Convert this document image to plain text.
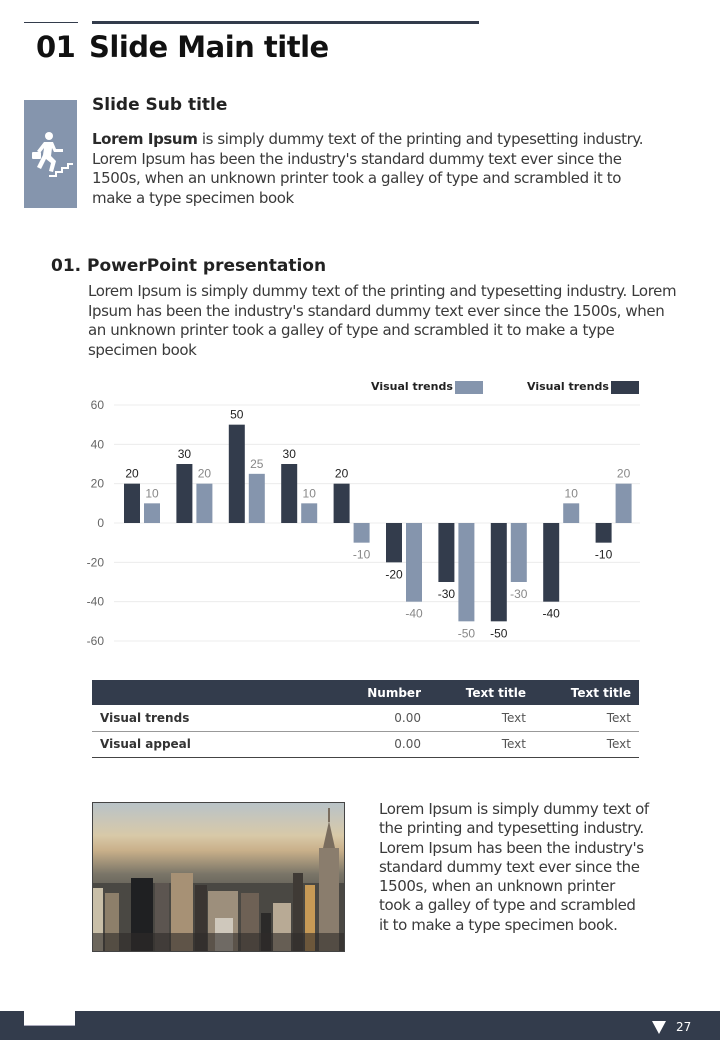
01 Slide Main title
Slide Sub title
Lorem Ipsum is simply dummy text of the printing and typesetting industry. Lorem Ipsum has been the industry's standard dummy text ever since the 1500s, when an unknown printer took a galley of type and scrambled it to make a type specimen book
01. PowerPoint presentation
Lorem Ipsum is simply dummy text of the printing and typesetting industry. Lorem Ipsum has been the industry's standard dummy text ever since the 1500s, when an unknown printer took a galley of type and scrambled it to make a type specimen book
60
40
20
0
-20
-40
-60
Visual trends	Visual trends
20
30
50
30
20
-20
-30
-50
-40
-10
10
20
25
10
-10
-40
-50
-30
10
20
	Number	Text title	Text title
Visual trends	0.00	Text	Text
Visual appeal	0.00	Text	Text
Lorem Ipsum is simply dummy text of the printing and typesetting industry. Lorem Ipsum has been the industry's standard dummy text ever since the 1500s, when an unknown printer took a galley of type and scrambled it to make a type specimen book.
27
